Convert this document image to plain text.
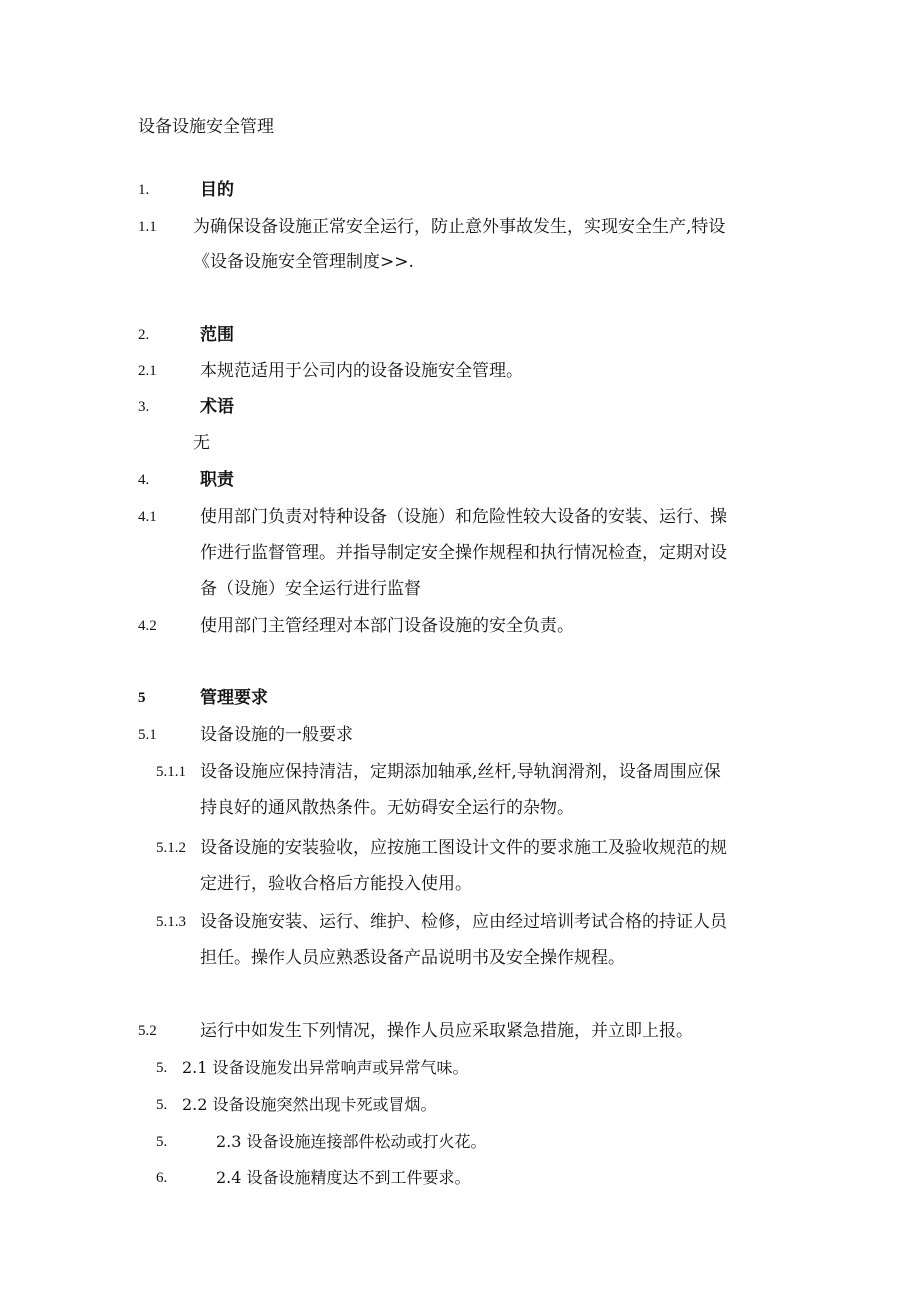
设备设施安全管理
1.	目的
1.1 为确保设备设施正常安全运行，防止意外事故发生，实现安全生产,特设
《设备设施安全管理制度>>.
2.	范围
2.1	本规范适用于公司内的设备设施安全管理。
3.	术语
无
4.	职责
4.1	使用部门负责对特种设备（设施）和危险性较大设备的安装、运行、操
作进行监督管理。并指导制定安全操作规程和执行情况检查，定期对设
备（设施）安全运行进行监督
4.2	使用部门主管经理对本部门设备设施的安全负责。
5	管理要求
5.1	设备设施的一般要求
5.1.1 设备设施应保持清洁，定期添加轴承,丝杆,导轨润滑剂，设备周围应保
持良好的通风散热条件。无妨碍安全运行的杂物。
5.1.2 设备设施的安装验收，应按施工图设计文件的要求施工及验收规范的规
定进行，验收合格后方能投入使用。
5.1.3 设备设施安装、运行、维护、检修，应由经过培训考试合格的持证人员
担任。操作人员应熟悉设备产品说明书及安全操作规程。
5.2	运行中如发生下列情况，操作人员应采取紧急措施，并立即上报。
5. 2.1 设备设施发出异常响声或异常气味。
5. 2.2 设备设施突然出现卡死或冒烟。
5.	2.3 设备设施连接部件松动或打火花。
6.	2.4 设备设施精度达不到工件要求。
